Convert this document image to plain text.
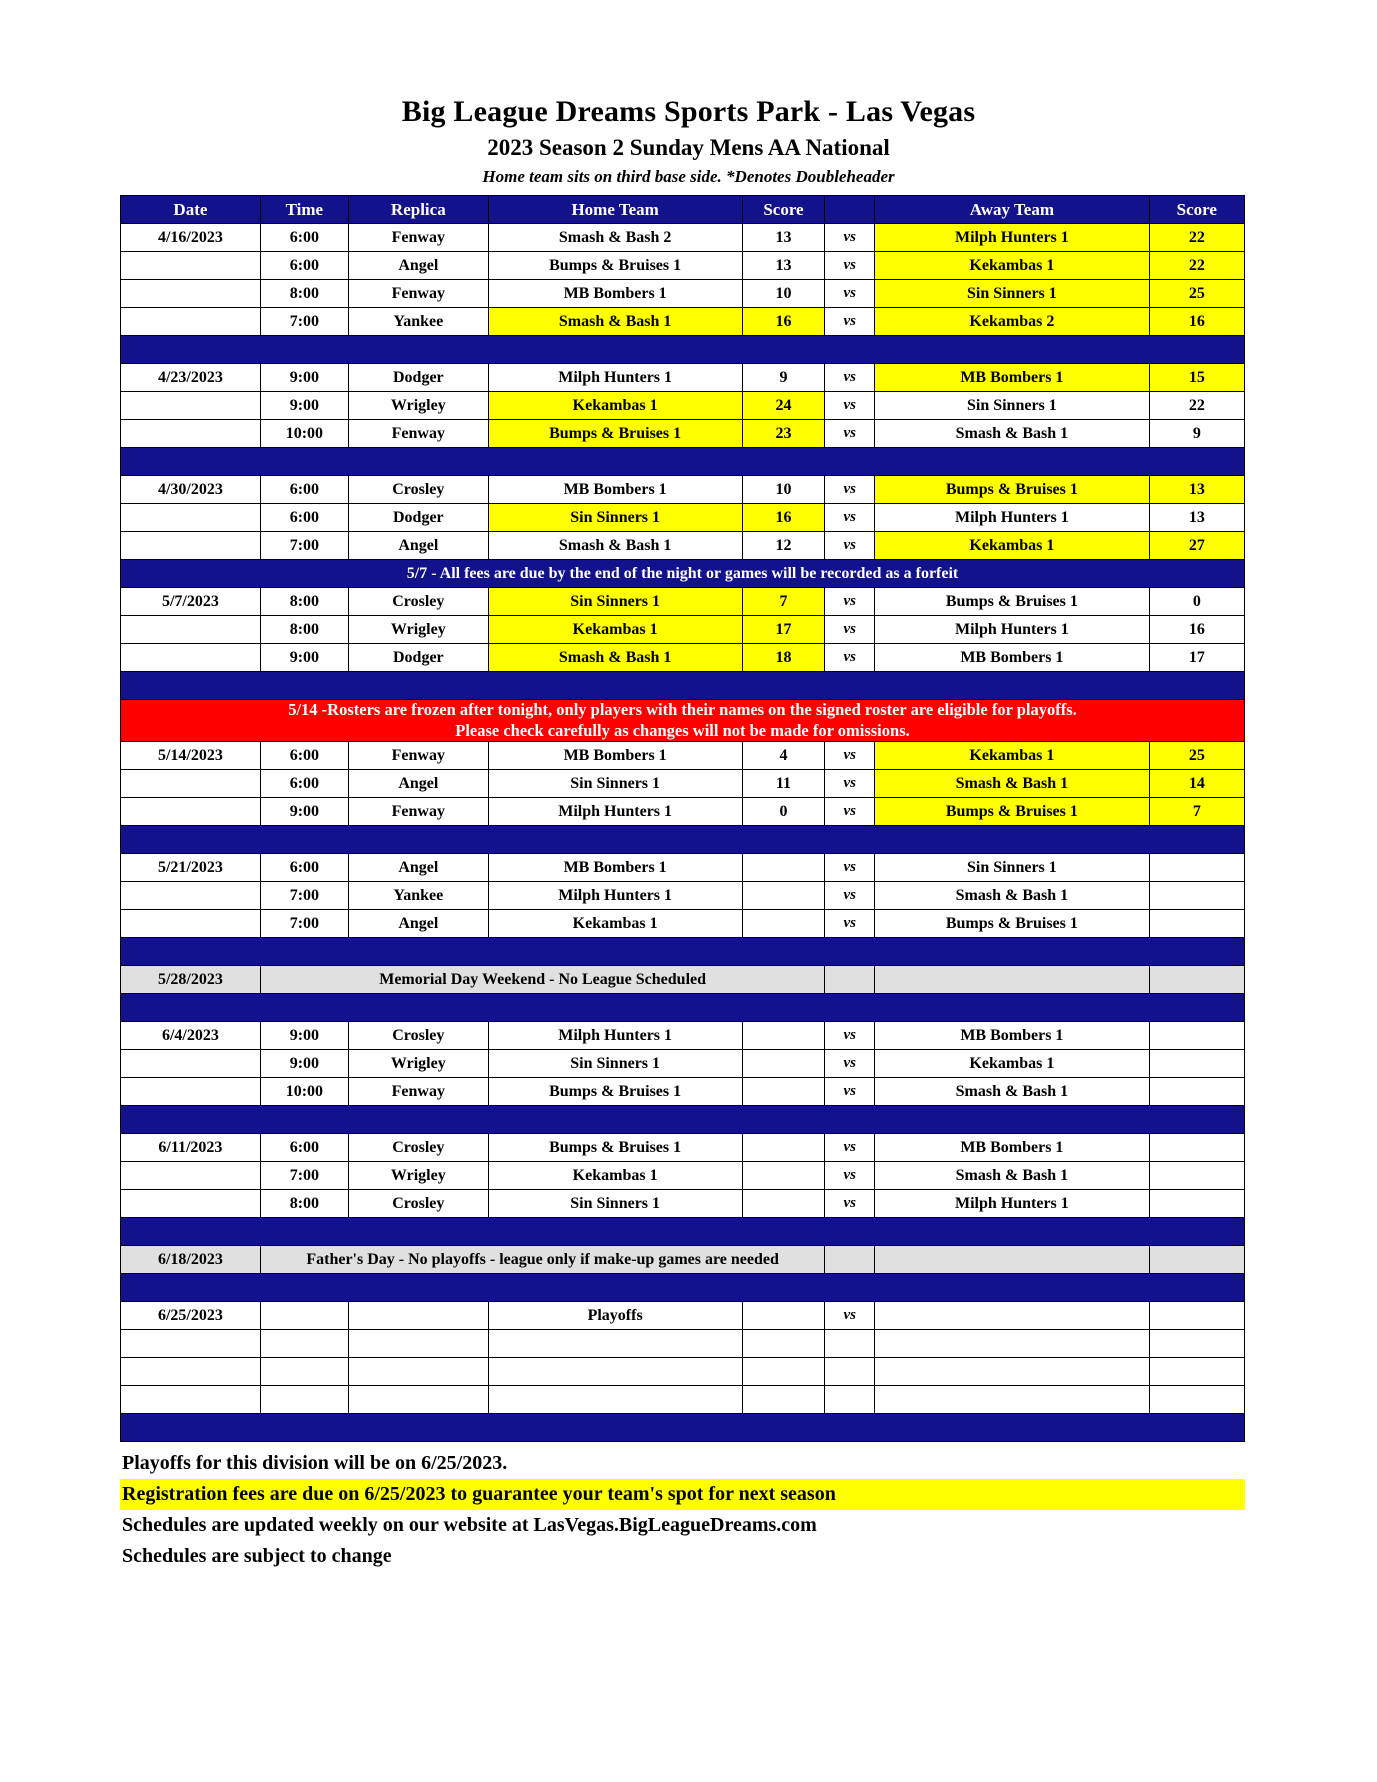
Big League Dreams Sports Park - Las Vegas
2023 Season 2 Sunday Mens AA National
Home team sits on third base side. *Denotes Doubleheader
Date	Time	Replica	Home Team	Score		Away Team	Score
4/16/2023	6:00	Fenway	Smash & Bash 2	13	vs	Milph Hunters 1	22
	6:00	Angel	Bumps & Bruises 1	13	vs	Kekambas 1	22
	8:00	Fenway	MB Bombers 1	10	vs	Sin Sinners 1	25
	7:00	Yankee	Smash & Bash 1	16	vs	Kekambas 2	16

4/23/2023	9:00	Dodger	Milph Hunters 1	9	vs	MB Bombers 1	15
	9:00	Wrigley	Kekambas 1	24	vs	Sin Sinners 1	22
	10:00	Fenway	Bumps & Bruises 1	23	vs	Smash & Bash 1	9

4/30/2023	6:00	Crosley	MB Bombers 1	10	vs	Bumps & Bruises 1	13
	6:00	Dodger	Sin Sinners 1	16	vs	Milph Hunters 1	13
	7:00	Angel	Smash & Bash 1	12	vs	Kekambas 1	27
5/7 - All fees are due by the end of the night or games will be recorded as a forfeit							
5/7/2023	8:00	Crosley	Sin Sinners 1	7	vs	Bumps & Bruises 1	0
	8:00	Wrigley	Kekambas 1	17	vs	Milph Hunters 1	16
	9:00	Dodger	Smash & Bash 1	18	vs	MB Bombers 1	17

5/14 -Rosters are frozen after tonight, only players with their names on the signed roster are eligible for playoffs.
Please check carefully as changes will not be made for omissions.							

5/14/2023	6:00	Fenway	MB Bombers 1	4	vs	Kekambas 1	25
	6:00	Angel	Sin Sinners 1	11	vs	Smash & Bash 1	14
	9:00	Fenway	Milph Hunters 1	0	vs	Bumps & Bruises 1	7

5/21/2023	6:00	Angel	MB Bombers 1		vs	Sin Sinners 1	
	7:00	Yankee	Milph Hunters 1		vs	Smash & Bash 1	
	7:00	Angel	Kekambas 1		vs	Bumps & Bruises 1	

5/28/2023	Memorial Day Weekend - No League Scheduled						

6/4/2023	9:00	Crosley	Milph Hunters 1		vs	MB Bombers 1	
	9:00	Wrigley	Sin Sinners 1		vs	Kekambas 1	
	10:00	Fenway	Bumps & Bruises 1		vs	Smash & Bash 1	

6/11/2023	6:00	Crosley	Bumps & Bruises 1		vs	MB Bombers 1	
	7:00	Wrigley	Kekambas 1		vs	Smash & Bash 1	
	8:00	Crosley	Sin Sinners 1		vs	Milph Hunters 1	

6/18/2023	Father's Day - No playoffs - league only if make-up games are needed						

6/25/2023			Playoffs		vs		

Playoffs for this division will be on 6/25/2023.
Registration fees are due on 6/25/2023 to guarantee your team's spot for next season
Schedules are updated weekly on our website at LasVegas.BigLeagueDreams.com
Schedules are subject to change
